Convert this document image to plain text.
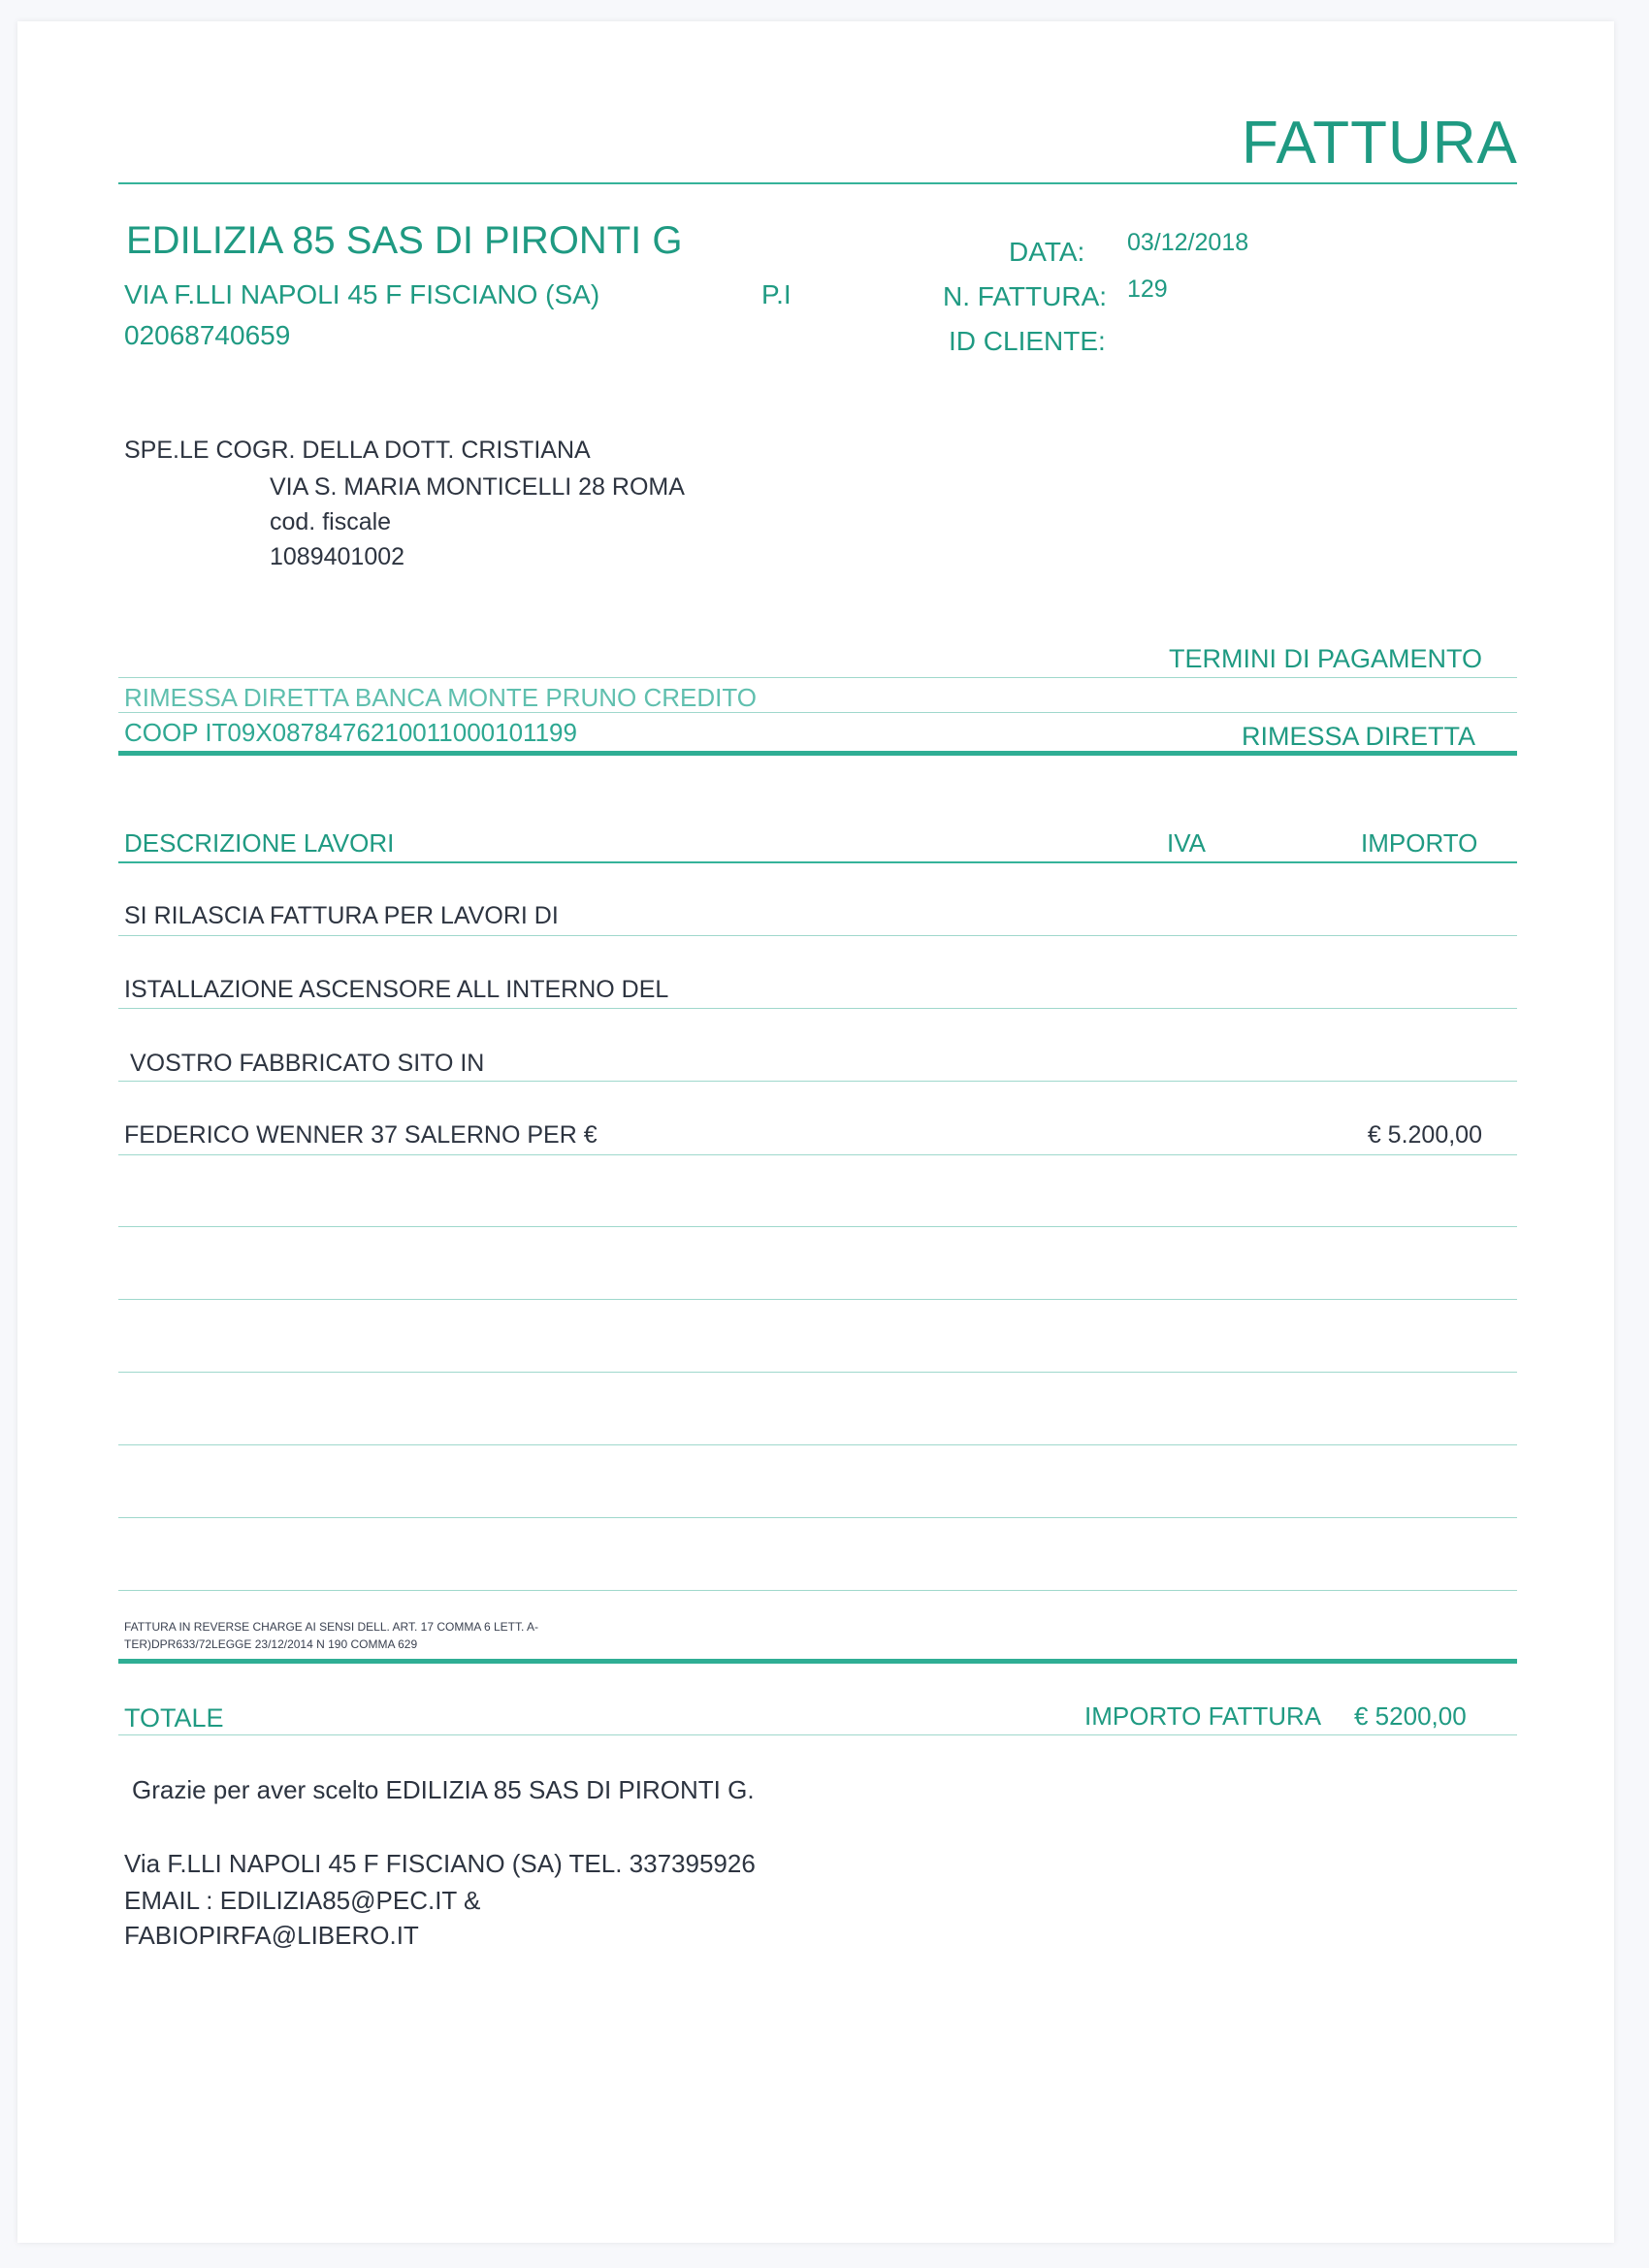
FATTURA
EDILIZIA 85 SAS DI PIRONTI G
VIA F.LLI NAPOLI 45 F FISCIANO (SA)	P.I
02068740659
DATA: 03/12/2018
N. FATTURA: 129
ID CLIENTE:
SPE.LE COGR. DELLA DOTT. CRISTIANA
VIA S. MARIA MONTICELLI 28 ROMA
cod. fiscale
1089401002
TERMINI DI PAGAMENTO
RIMESSA DIRETTA BANCA MONTE PRUNO CREDITO
COOP IT09X0878476210011000101199	RIMESSA DIRETTA
DESCRIZIONE LAVORI	IVA	IMPORTO
SI RILASCIA FATTURA PER LAVORI DI
ISTALLAZIONE ASCENSORE ALL INTERNO DEL
VOSTRO FABBRICATO SITO IN
FEDERICO WENNER 37 SALERNO PER €	€ 5.200,00
FATTURA IN REVERSE CHARGE AI SENSI DELL. ART. 17 COMMA 6 LETT. A-
TER)DPR633/72LEGGE 23/12/2014 N 190 COMMA 629
TOTALE	IMPORTO FATTURA € 5200,00
Grazie per aver scelto EDILIZIA 85 SAS DI PIRONTI G.
Via F.LLI NAPOLI 45 F FISCIANO (SA) TEL. 337395926
EMAIL : EDILIZIA85@PEC.IT &
FABIOPIRFA@LIBERO.IT
